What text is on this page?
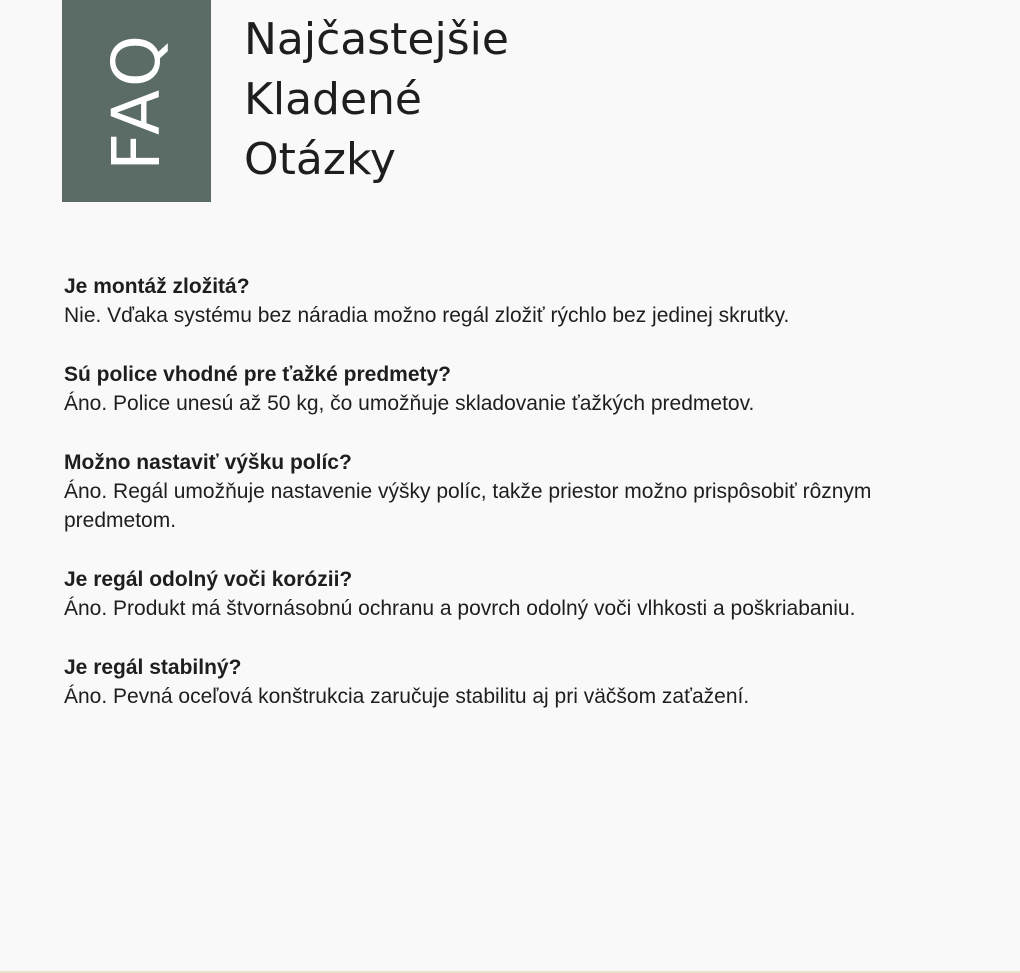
FAQ Najčastejšie
Kladené
Otázky

Je montáž zložitá?

Nie. Vďaka systému bez náradia možno regál zložiť rýchlo bez jedinej skrutky.

Sú police vhodné pre ťažké predmety?

Áno. Police unesú až 50 kg, čo umožňuje skladovanie ťažkých predmetov.

Možno nastaviť výšku políc?

Áno. Regál umožňuje nastavenie výšky políc, takže priestor možno prispôsobiť rôznym predmetom.

Je regál odolný voči korózii?

Áno. Produkt má štvornásobnú ochranu a povrch odolný voči vlhkosti a poškriabaniu.

Je regál stabilný?

Áno. Pevná oceľová konštrukcia zaručuje stabilitu aj pri väčšom zaťažení.
